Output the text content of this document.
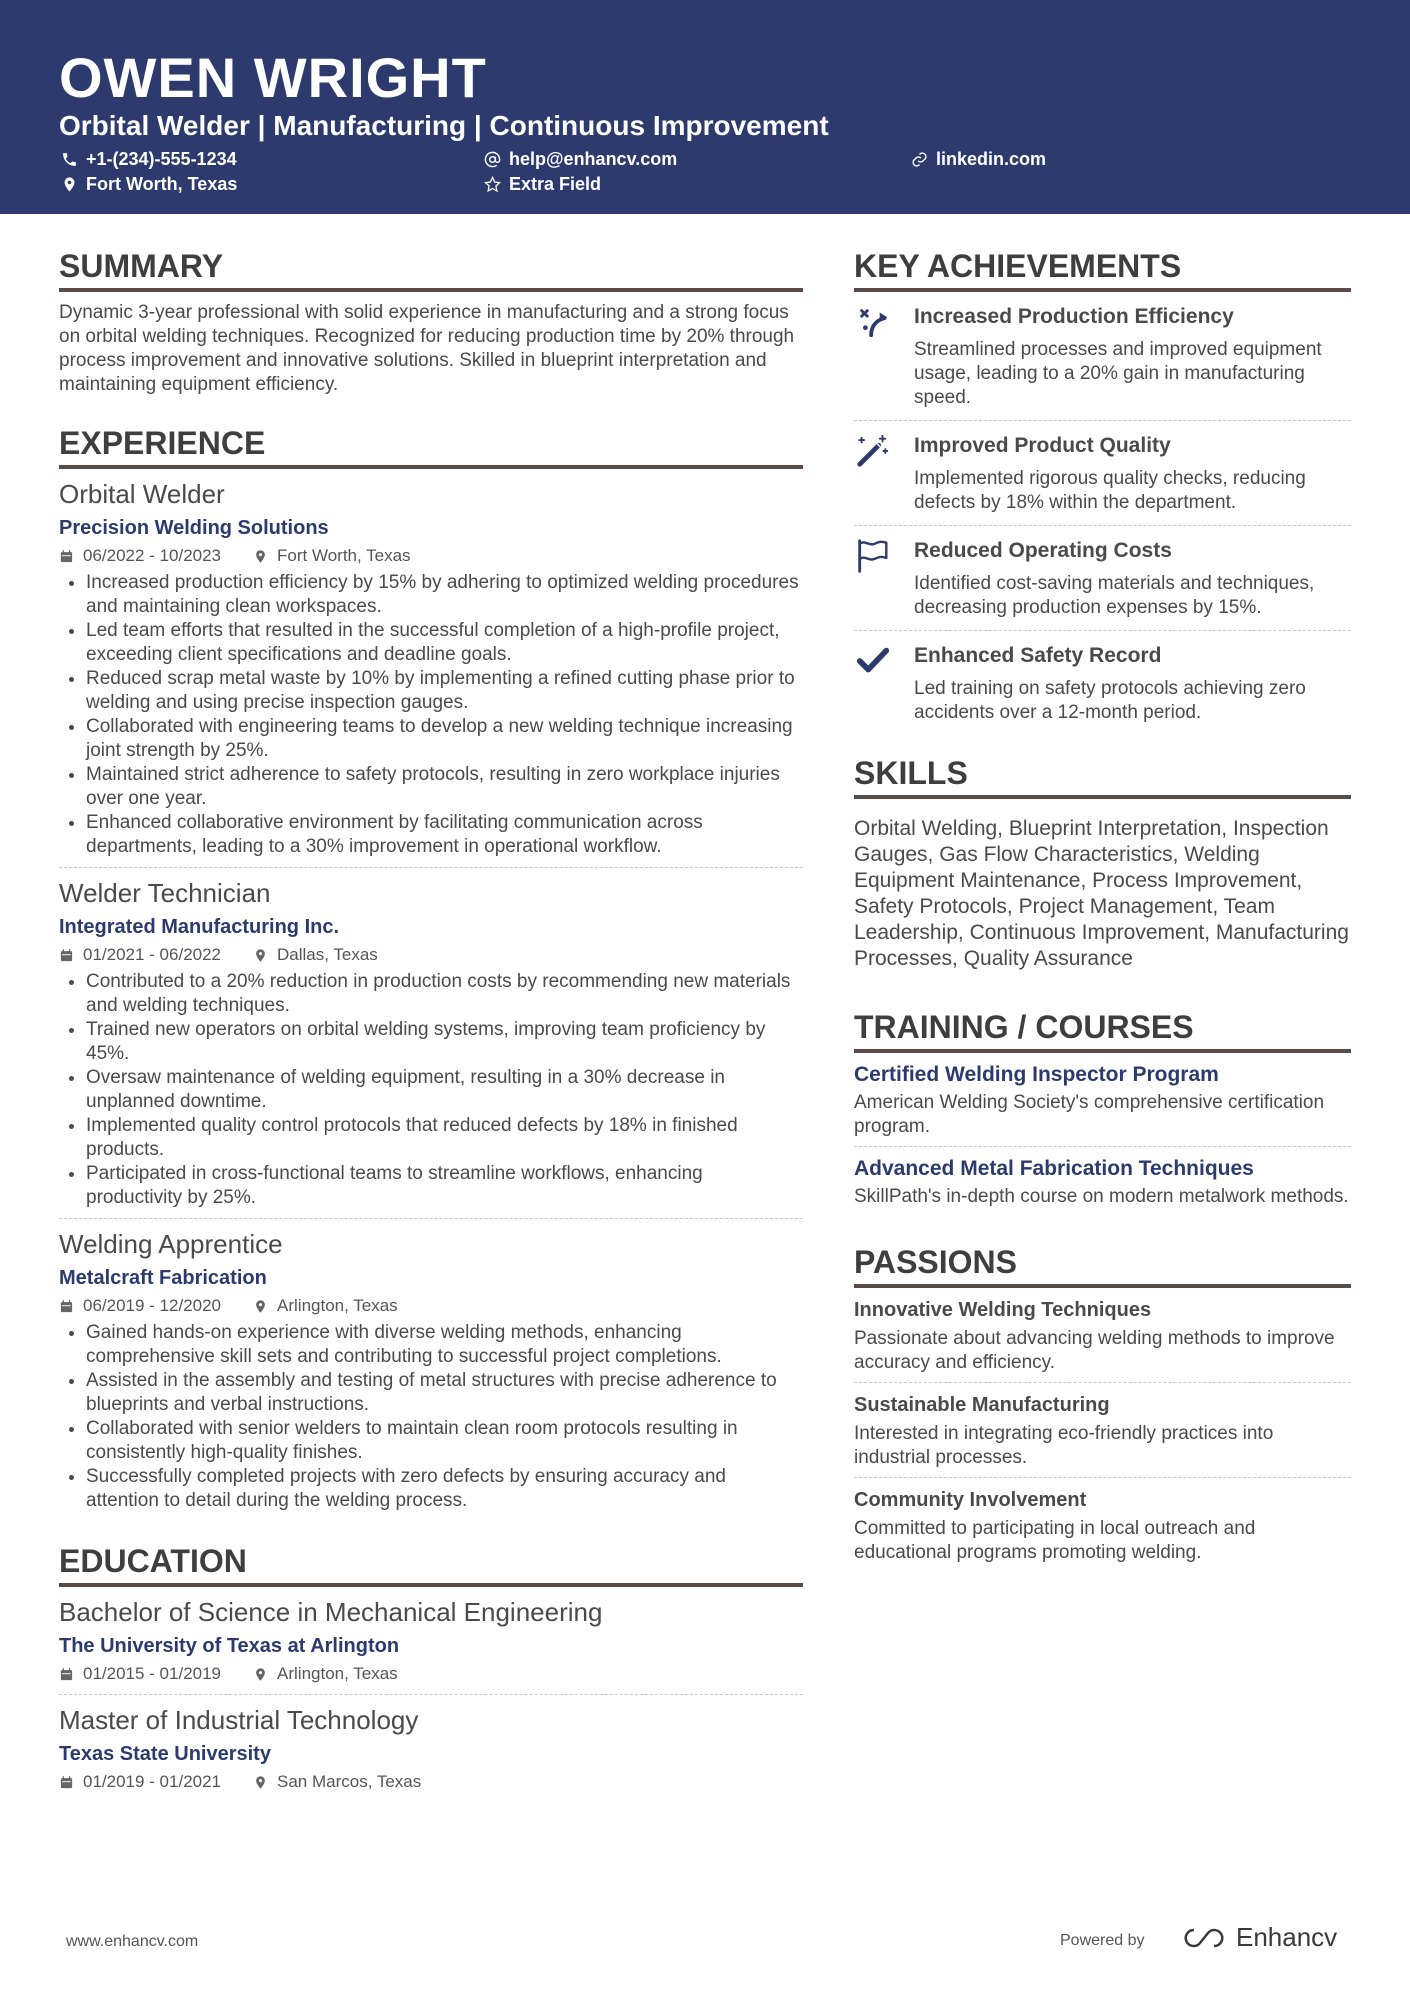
OWEN WRIGHT
Orbital Welder | Manufacturing | Continuous Improvement
+1-(234)-555-1234	help@enhancv.com	linkedin.com
Fort Worth, Texas	Extra Field
SUMMARY

Dynamic 3-year professional with solid experience in manufacturing and a strong focus on orbital welding techniques. Recognized for reducing production time by 20% through process improvement and innovative solutions. Skilled in blueprint interpretation and maintaining equipment efficiency.

EXPERIENCE
Orbital Welder
Precision Welding Solutions
06/2022 - 10/2023	Fort Worth, Texas
• Increased production efficiency by 15% by adhering to optimized welding procedures and maintaining clean workspaces.
• Led team efforts that resulted in the successful completion of a high-profile project, exceeding client specifications and deadline goals.
• Reduced scrap metal waste by 10% by implementing a refined cutting phase prior to welding and using precise inspection gauges.
• Collaborated with engineering teams to develop a new welding technique increasing joint strength by 25%.
• Maintained strict adherence to safety protocols, resulting in zero workplace injuries over one year.
• Enhanced collaborative environment by facilitating communication across departments, leading to a 30% improvement in operational workflow.
Welder Technician
Integrated Manufacturing Inc.
01/2021 - 06/2022	Dallas, Texas
• Contributed to a 20% reduction in production costs by recommending new materials and welding techniques.
• Trained new operators on orbital welding systems, improving team proficiency by 45%.
• Oversaw maintenance of welding equipment, resulting in a 30% decrease in unplanned downtime.
• Implemented quality control protocols that reduced defects by 18% in finished products.
• Participated in cross-functional teams to streamline workflows, enhancing productivity by 25%.
Welding Apprentice
Metalcraft Fabrication
06/2019 - 12/2020	Arlington, Texas
• Gained hands-on experience with diverse welding methods, enhancing comprehensive skill sets and contributing to successful project completions.
• Assisted in the assembly and testing of metal structures with precise adherence to blueprints and verbal instructions.
• Collaborated with senior welders to maintain clean room protocols resulting in consistently high-quality finishes.
• Successfully completed projects with zero defects by ensuring accuracy and attention to detail during the welding process.
EDUCATION
Bachelor of Science in Mechanical Engineering
The University of Texas at Arlington
01/2015 - 01/2019	Arlington, Texas
Master of Industrial Technology
Texas State University
01/2019 - 01/2021	San Marcos, Texas
KEY ACHIEVEMENTS
Increased Production Efficiency
Streamlined processes and improved equipment usage, leading to a 20% gain in manufacturing speed.
Improved Product Quality
Implemented rigorous quality checks, reducing defects by 18% within the department.
Reduced Operating Costs
Identified cost-saving materials and techniques, decreasing production expenses by 15%.
Enhanced Safety Record
Led training on safety protocols achieving zero accidents over a 12-month period.
SKILLS

Orbital Welding, Blueprint Interpretation, Inspection Gauges, Gas Flow Characteristics, Welding Equipment Maintenance, Process Improvement, Safety Protocols, Project Management, Team Leadership, Continuous Improvement, Manufacturing Processes, Quality Assurance

TRAINING / COURSES
Certified Welding Inspector Program
American Welding Society's comprehensive certification program.
Advanced Metal Fabrication Techniques
SkillPath's in-depth course on modern metalwork methods.
PASSIONS
Innovative Welding Techniques
Passionate about advancing welding methods to improve accuracy and efficiency.
Sustainable Manufacturing
Interested in integrating eco-friendly practices into industrial processes.
Community Involvement
Committed to participating in local outreach and educational programs promoting welding.
www.enhancv.com	Powered by	Enhancv
